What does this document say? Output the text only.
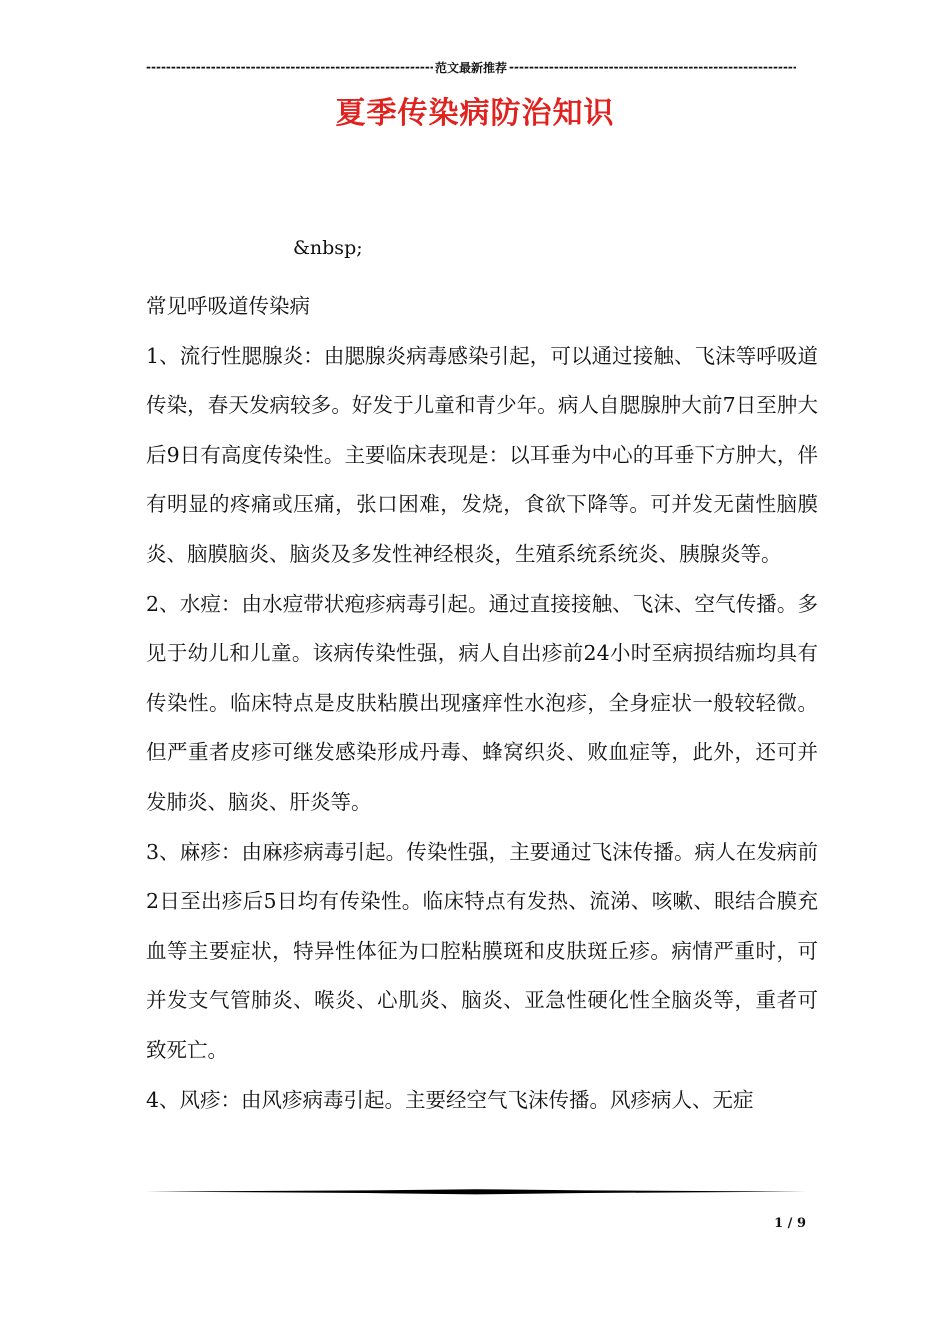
-----
范文最新推荐
-----
夏季传染病防治知识
&nbsp;

常见呼吸道传染病

1、流行性腮腺炎：由腮腺炎病毒感染引起，可以通过接触、飞沫等呼吸道传染，春天发病较多。好发于儿童和青少年。病人自腮腺肿大前7日至肿大后9日有高度传染性。主要临床表现是：以耳垂为中心的耳垂下方肿大，伴有明显的疼痛或压痛，张口困难，发烧，食欲下降等。可并发无菌性脑膜炎、脑膜脑炎、脑炎及多发性神经根炎，生殖系统系统炎、胰腺炎等。

2、水痘：由水痘带状疱疹病毒引起。通过直接接触、飞沫、空气传播。多见于幼儿和儿童。该病传染性强，病人自出疹前24小时至病损结痂均具有传染性。临床特点是皮肤粘膜出现瘙痒性水泡疹，全身症状一般较轻微。但严重者皮疹可继发感染形成丹毒、蜂窝织炎、败血症等，此外，还可并发肺炎、脑炎、肝炎等。

3、麻疹：由麻疹病毒引起。传染性强，主要通过飞沫传播。病人在发病前2日至出疹后5日均有传染性。临床特点有发热、流涕、咳嗽、眼结合膜充血等主要症状，特异性体征为口腔粘膜斑和皮肤斑丘疹。病情严重时，可并发支气管肺炎、喉炎、心肌炎、脑炎、亚急性硬化性全脑炎等，重者可致死亡。

4、风疹：由风疹病毒引起。主要经空气飞沫传播。风疹病人、无症

1 / 9
